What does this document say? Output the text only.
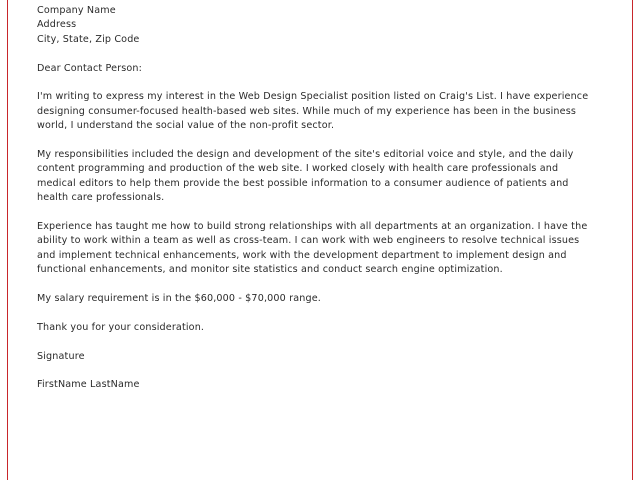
Company Name
Address
City, State, Zip Code

Dear Contact Person:

I'm writing to express my interest in the Web Design Specialist position listed on Craig's List. I have experience designing consumer-focused health-based web sites. While much of my experience has been in the business world, I understand the social value of the non-profit sector.

My responsibilities included the design and development of the site's editorial voice and style, and the daily content programming and production of the web site. I worked closely with health care professionals and medical editors to help them provide the best possible information to a consumer audience of patients and health care professionals.

Experience has taught me how to build strong relationships with all departments at an organization. I have the ability to work within a team as well as cross-team. I can work with web engineers to resolve technical issues and implement technical enhancements, work with the development department to implement design and functional enhancements, and monitor site statistics and conduct search engine optimization.

My salary requirement is in the $60,000 - $70,000 range.

Thank you for your consideration.

Signature

FirstName LastName
